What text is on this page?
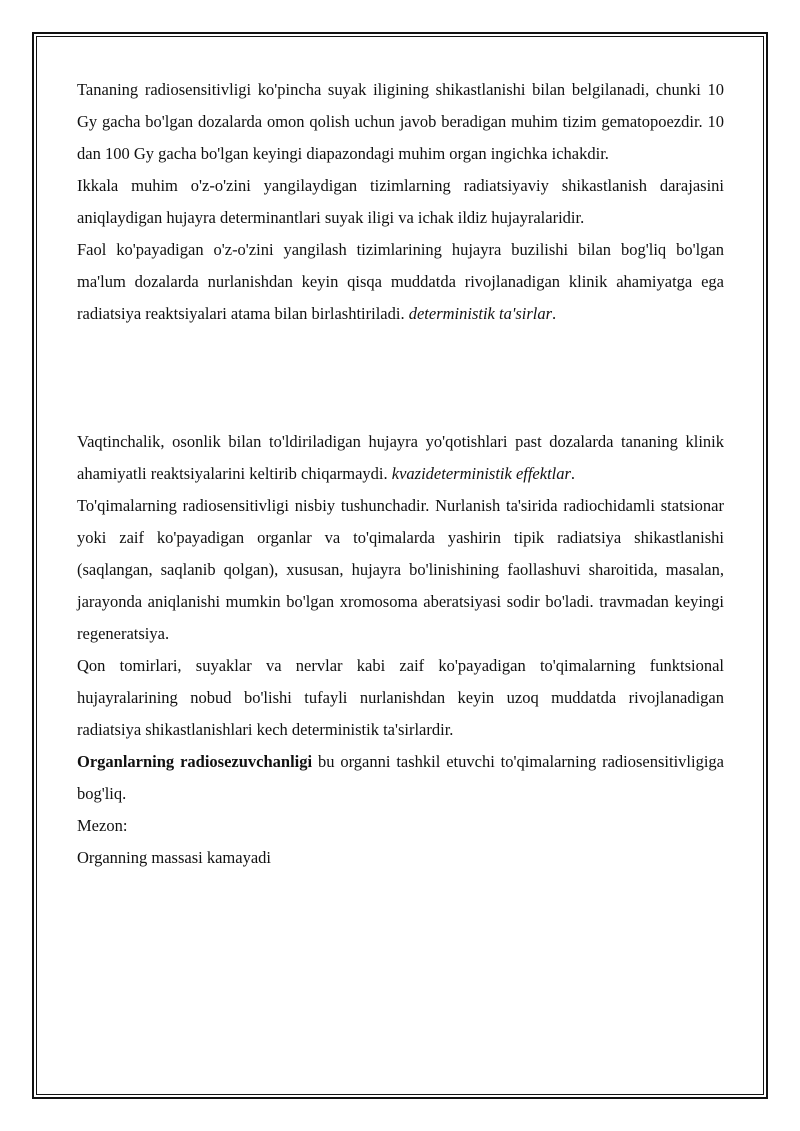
Tananing radiosensitivligi ko'pincha suyak iligining shikastlanishi bilan belgilanadi, chunki 10 Gy gacha bo'lgan dozalarda omon qolish uchun javob beradigan muhim tizim gematopoezdir. 10 dan 100 Gy gacha bo'lgan keyingi diapazondagi muhim organ ingichka ichakdir.

Ikkala muhim o'z-o'zini yangilaydigan tizimlarning radiatsiyaviy shikastlanish darajasini aniqlaydigan hujayra determinantlari suyak iligi va ichak ildiz hujayralaridir.

Faol ko'payadigan o'z-o'zini yangilash tizimlarining hujayra buzilishi bilan bog'liq bo'lgan ma'lum dozalarda nurlanishdan keyin qisqa muddatda rivojlanadigan klinik ahamiyatga ega radiatsiya reaktsiyalari atama bilan birlashtiriladi. deterministik ta'sirlar.

Vaqtinchalik, osonlik bilan to'ldiriladigan hujayra yo'qotishlari past dozalarda tananing klinik ahamiyatli reaktsiyalarini keltirib chiqarmaydi. kvazideterministik effektlar.

To'qimalarning radiosensitivligi nisbiy tushunchadir. Nurlanish ta'sirida radiochidamli statsionar yoki zaif ko'payadigan organlar va to'qimalarda yashirin tipik radiatsiya shikastlanishi (saqlangan, saqlanib qolgan), xususan, hujayra bo'linishining faollashuvi sharoitida, masalan, jarayonda aniqlanishi mumkin bo'lgan xromosoma aberatsiyasi sodir bo'ladi. travmadan keyingi regeneratsiya.

Qon tomirlari, suyaklar va nervlar kabi zaif ko'payadigan to'qimalarning funktsional hujayralarining nobud bo'lishi tufayli nurlanishdan keyin uzoq muddatda rivojlanadigan radiatsiya shikastlanishlari kech deterministik ta'sirlardir.

Organlarning radiosezuvchanligi bu organni tashkil etuvchi to'qimalarning radiosensitivligiga bog'liq.

Mezon:

Organning massasi kamayadi
